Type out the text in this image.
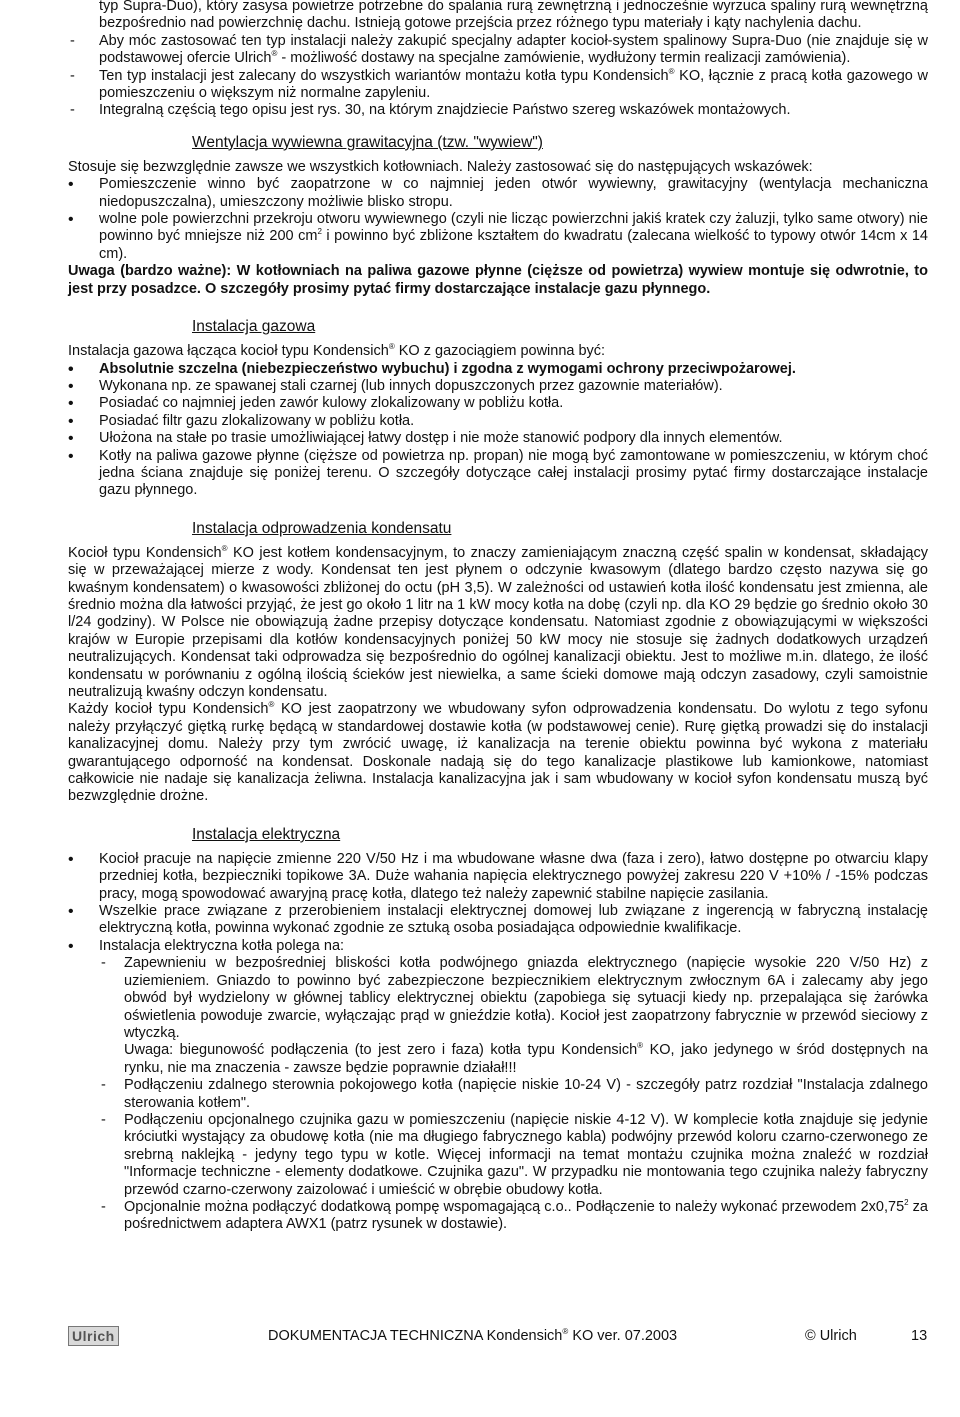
typ Supra-Duo), który zasysa powietrze potrzebne do spalania rurą zewnętrzną i jednocześnie wyrzuca spaliny rurą wewnętrzną bezpośrednio nad powierzchnię dachu. Istnieją gotowe przejścia przez różnego typu materiały i kąty nachylenia dachu.

- Aby móc zastosować ten typ instalacji należy zakupić specjalny adapter kocioł-system spalinowy Supra-Duo (nie znajduje się w podstawowej ofercie Ulrich® - możliwość dostawy na specjalne zamówienie, wydłużony termin realizacji zamówienia).

- Ten typ instalacji jest zalecany do wszystkich wariantów montażu kotła typu Kondensich® KO, łącznie z pracą kotła gazowego w pomieszczeniu o większym niż normalne zapyleniu.

- Integralną częścią tego opisu jest rys. 30, na którym znajdziecie Państwo szereg wskazówek montażowych.

Wentylacja wywiewna grawitacyjna (tzw. "wywiew")

Stosuje się bezwzględnie zawsze we wszystkich kotłowniach. Należy zastosować się do następujących wskazówek:

• Pomieszczenie winno być zaopatrzone w co najmniej jeden otwór wywiewny, grawitacyjny (wentylacja mechaniczna niedopuszczalna), umieszczony możliwie blisko stropu.

• wolne pole powierzchni przekroju otworu wywiewnego (czyli nie licząc powierzchni jakiś kratek czy żaluzji, tylko same otwory) nie powinno być mniejsze niż 200 $cm^2$ i powinno być zbliżone kształtem do kwadratu (zalecana wielkość to typowy otwór 14cm x 14 cm).

Uwaga (bardzo ważne): W kotłowniach na paliwa gazowe płynne (cięższe od powietrza) wywiew montuje się odwrotnie, to jest przy posadzce. O szczegóły prosimy pytać firmy dostarczające instalacje gazu płynnego.

Instalacja gazowa

Instalacja gazowa łącząca kocioł typu Kondensich® KO z gazociągiem powinna być:

• Absolutnie szczelna (niebezpieczeństwo wybuchu) i zgodna z wymogami ochrony przeciwpożarowej.

• Wykonana np. ze spawanej stali czarnej (lub innych dopuszczonych przez gazownie materiałów).

• Posiadać co najmniej jeden zawór kulowy zlokalizowany w pobliżu kotła.

• Posiadać filtr gazu zlokalizowany w pobliżu kotła.

• Ułożona na stałe po trasie umożliwiającej łatwy dostęp i nie może stanowić podpory dla innych elementów.

• Kotły na paliwa gazowe płynne (cięższe od powietrza np. propan) nie mogą być zamontowane w pomieszczeniu, w którym choć jedna ściana znajduje się poniżej terenu. O szczegóły dotyczące całej instalacji prosimy pytać firmy dostarczające instalacje gazu płynnego.

Instalacja odprowadzenia kondensatu

Kocioł typu Kondensich® KO jest kotłem kondensacyjnym, to znaczy zamieniającym znaczną część spalin w kondensat, składający się w przeważającej mierze z wody. Kondensat ten jest płynem o odczynie kwasowym (dlatego bardzo często nazywa się go kwaśnym kondensatem) o kwasowości zbliżonej do octu (pH 3,5). W zależności od ustawień kotła ilość kondensatu jest zmienna, ale średnio można dla łatwości przyjąć, że jest go około 1 litr na 1 kW mocy kotła na dobę (czyli np. dla KO 29 będzie go średnio około 30 l/24 godziny). W Polsce nie obowiązują żadne przepisy dotyczące kondensatu. Natomiast zgodnie z obowiązującymi w większości krajów w Europie przepisami dla kotłów kondensacyjnych poniżej 50 kW mocy nie stosuje się żadnych dodatkowych urządzeń neutralizujących. Kondensat taki odprowadza się bezpośrednio do ogólnej kanalizacji obiektu. Jest to możliwe m.in. dlatego, że ilość kondensatu w porównaniu z ogólną ilością ścieków jest niewielka, a same ścieki domowe mają odczyn zasadowy, czyli samoistnie neutralizują kwaśny odczyn kondensatu.

Każdy kocioł typu Kondensich® KO jest zaopatrzony we wbudowany syfon odprowadzenia kondensatu. Do wylotu z tego syfonu należy przyłączyć giętką rurkę będącą w standardowej dostawie kotła (w podstawowej cenie). Rurę giętką prowadzi się do instalacji kanalizacyjnej domu. Należy przy tym zwrócić uwagę, iż kanalizacja na terenie obiektu powinna być wykona z materiału gwarantującego odporność na kondensat. Doskonale nadają się do tego kanalizacje plastikowe lub kamionkowe, natomiast całkowicie nie nadaje się kanalizacja żeliwna. Instalacja kanalizacyjna jak i sam wbudowany w kocioł syfon kondensatu muszą być bezwzględnie drożne.

Instalacja elektryczna

• Kocioł pracuje na napięcie zmienne 220 V/50 Hz i ma wbudowane własne dwa (faza i zero), łatwo dostępne po otwarciu klapy przedniej kotła, bezpieczniki topikowe 3A. Duże wahania napięcia elektrycznego powyżej zakresu 220 V +10% / -15% podczas pracy, mogą spowodować awaryjną pracę kotła, dlatego też należy zapewnić stabilne napięcie zasilania.

• Wszelkie prace związane z przerobieniem instalacji elektrycznej domowej lub związane z ingerencją w fabryczną instalację elektryczną kotła, powinna wykonać zgodnie ze sztuką osoba posiadająca odpowiednie kwalifikacje.

• Instalacja elektryczna kotła polega na:

- Zapewnieniu w bezpośredniej bliskości kotła podwójnego gniazda elektrycznego (napięcie wysokie 220 V/50 Hz) z uziemieniem. Gniazdo to powinno być zabezpieczone bezpiecznikiem elektrycznym zwłocznym 6A i zalecamy aby jego obwód był wydzielony w głównej tablicy elektrycznej obiektu (zapobiega się sytuacji kiedy np. przepalająca się żarówka oświetlenia powoduje zwarcie, wyłączając prąd w gnieździe kotła). Kocioł jest zaopatrzony fabrycznie w przewód sieciowy z wtyczką.

Uwaga: biegunowość podłączenia (to jest zero i faza) kotła typu Kondensich® KO, jako jedynego w śród dostępnych na rynku, nie ma znaczenia - zawsze będzie poprawnie działał!!!

- Podłączeniu zdalnego sterownia pokojowego kotła (napięcie niskie 10-24 V) - szczegóły patrz rozdział "Instalacja zdalnego sterowania kotłem".

- Podłączeniu opcjonalnego czujnika gazu w pomieszczeniu (napięcie niskie 4-12 V). W komplecie kotła znajduje się jedynie króciutki wystający za obudowę kotła (nie ma długiego fabrycznego kabla) podwójny przewód koloru czarno-czerwonego ze srebrną naklejką - jedyny tego typu w kotle. Więcej informacji na temat montażu czujnika można znaleźć w rozdział "Informacje techniczne - elementy dodatkowe. Czujnika gazu". W przypadku nie montowania tego czujnika należy fabryczny przewód czarno-czerwony zaizolować i umieścić w obrębie obudowy kotła.

- Opcjonalnie można podłączyć dodatkową pompę wspomagającą c.o.. Podłączenie to należy wykonać przewodem 2x0,75$^2$ za pośrednictwem adaptera AWX1 (patrz rysunek w dostawie).

Ulrich	DOKUMENTACJA TECHNICZNA Kondensich® KO ver. 07.2003	© Ulrich	13
